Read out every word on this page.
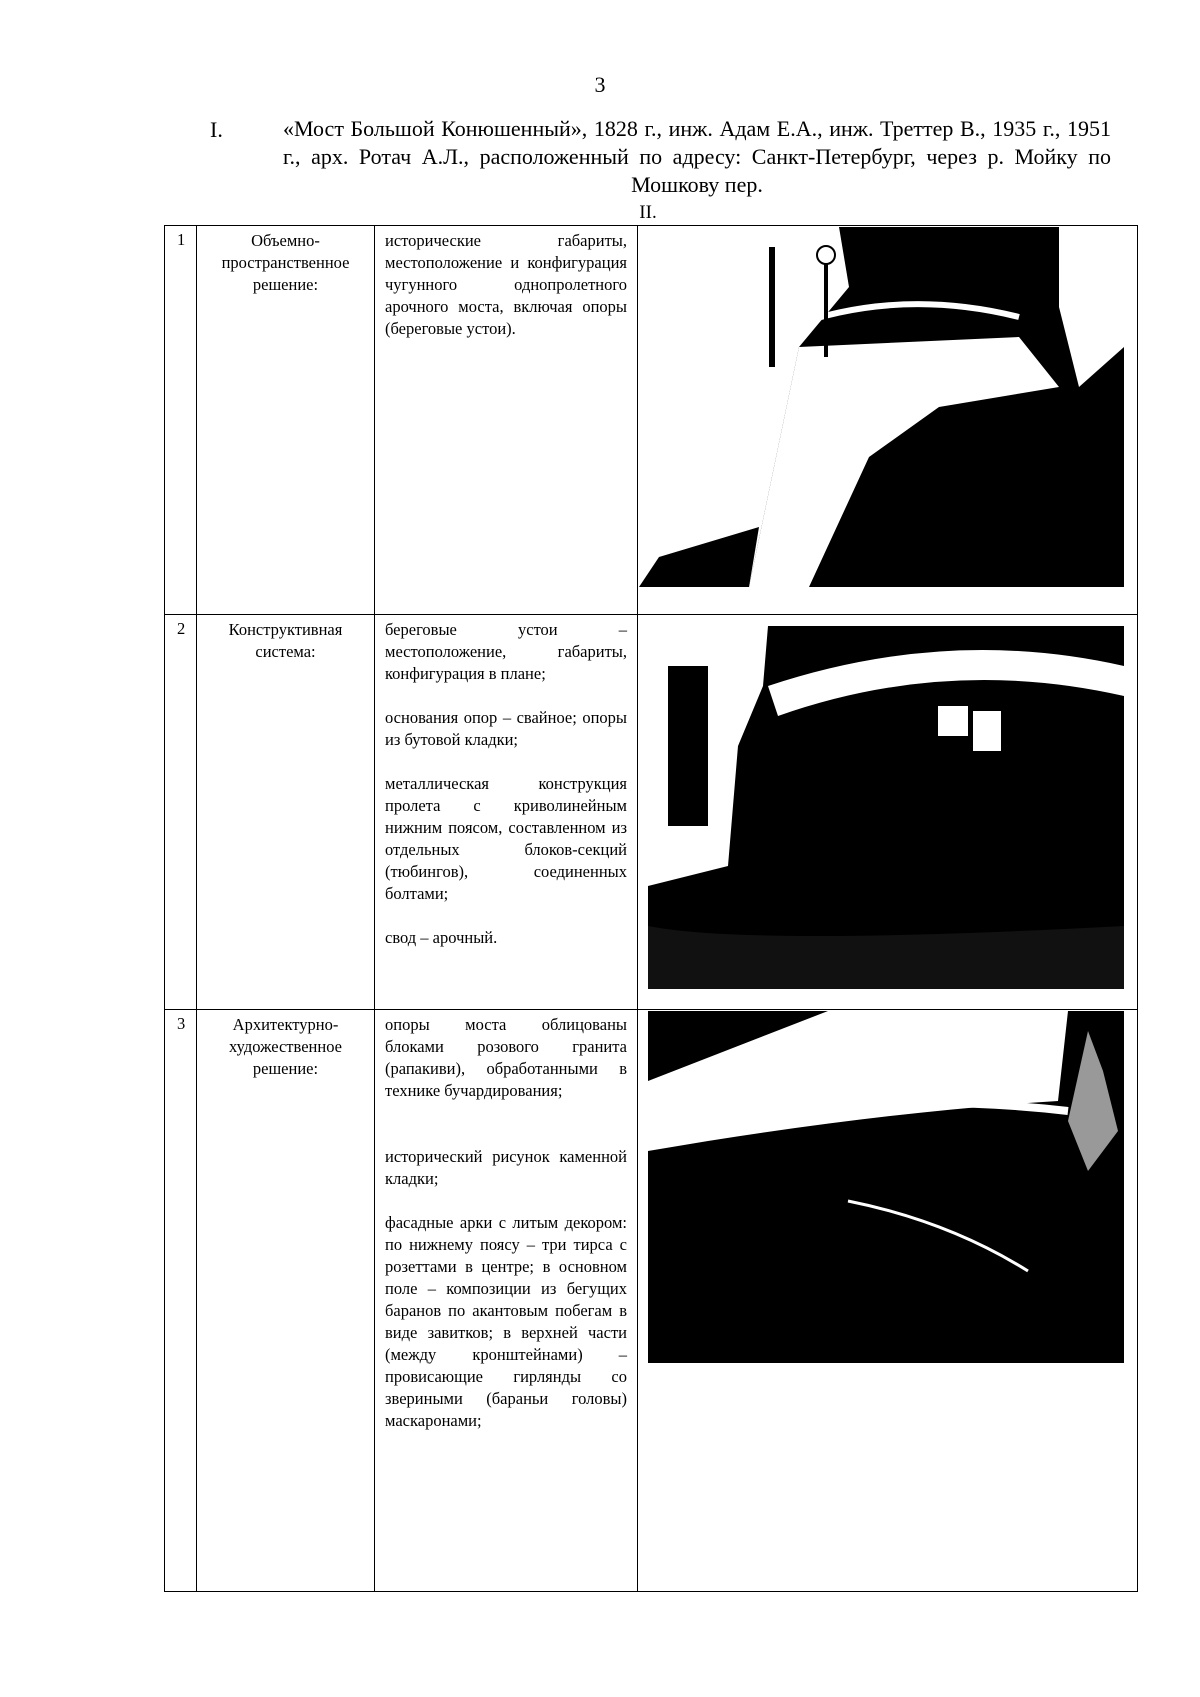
3
I.	«Мост Большой Конюшенный», 1828 г., инж. Адам Е.А., инж. Треттер В., 1935 г., 1951 г., арх. Ротач А.Л., расположенный по адресу: Санкт-Петербург, через р. Мойку по Мошкову пер.
II.
1	Объемно-пространственное решение:	исторические габариты, местоположение и конфигурация чугунного однопролетного арочного моста, включая опоры (береговые устои).

2	Конструктивная система:	береговые устои – местоположение, габариты, конфигурация в плане;

основания опор – свайное; опоры из бутовой кладки;

металлическая конструкция пролета с криволинейным нижним поясом, составленном из отдельных блоков-секций (тюбингов), соединенных болтами;

свод – арочный.

3	Архитектурно-художественное решение:	опоры моста облицованы блоками розового гранита (рапакиви), обработанными в технике бучардирования;

исторический рисунок каменной кладки;

фасадные арки с литым декором: по нижнему поясу – три тирса с розеттами в центре; в основном поле – композиции из бегущих баранов по акантовым побегам в виде завитков; в верхней части (между кронштейнами) – провисающие гирлянды со звериными (бараньи головы) маскаронами;
